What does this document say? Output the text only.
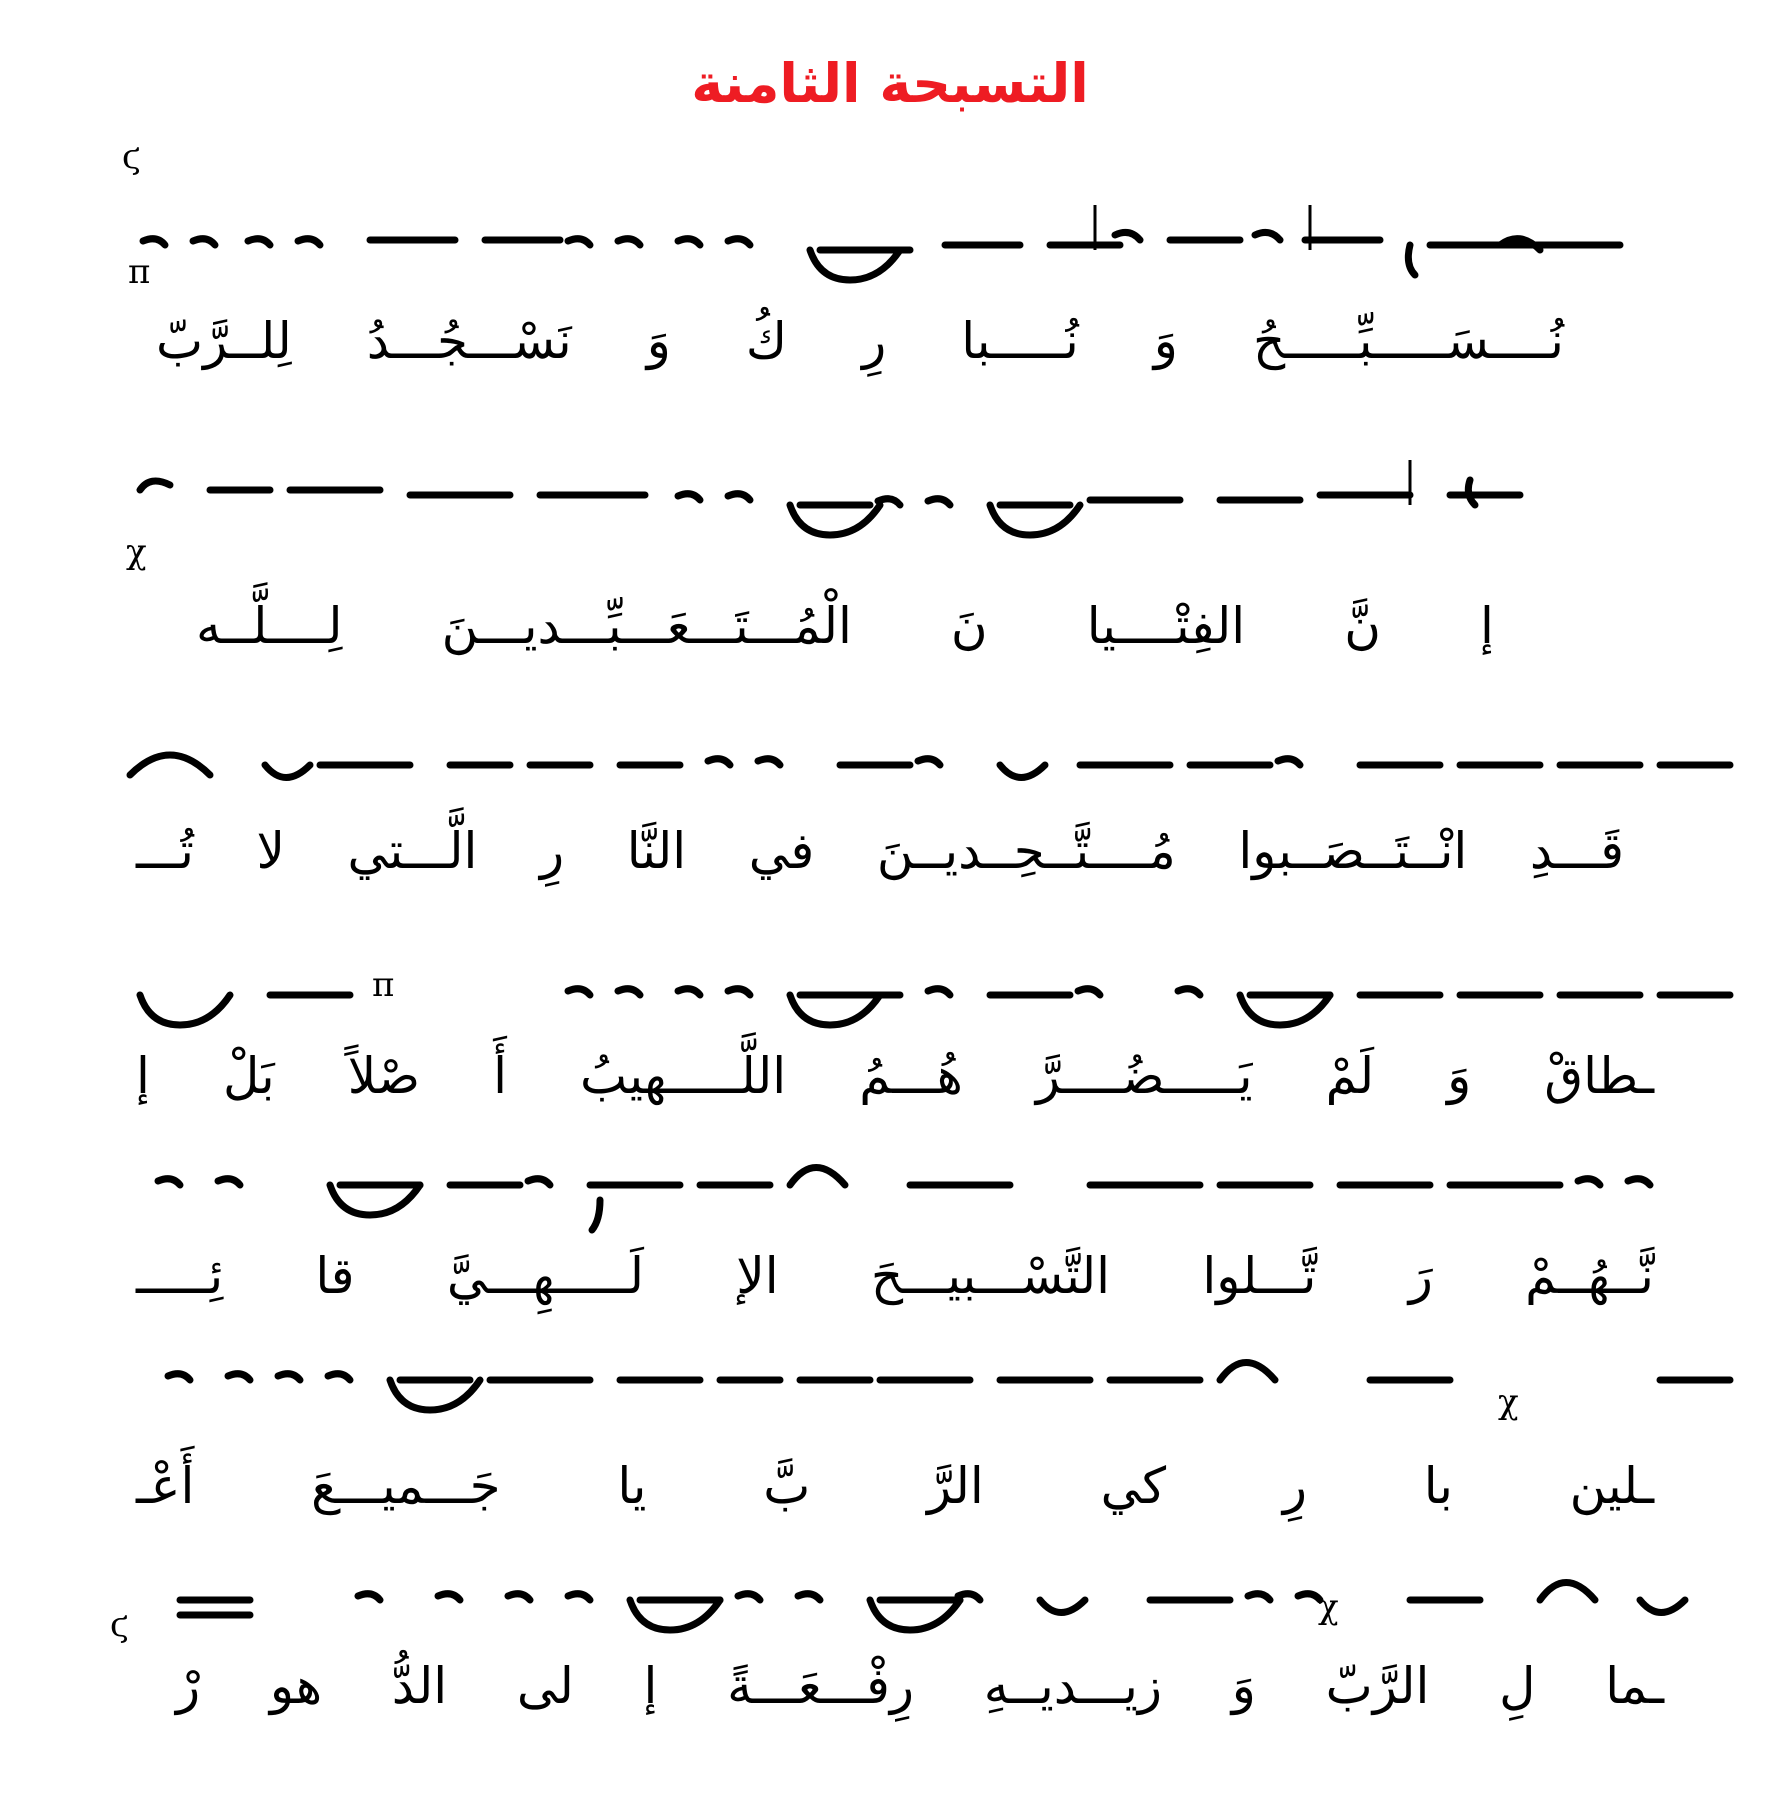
التسبحة الثامنة
ϛ
π
χ
π
χ
χ
ϛ
نُــــسَـــــبِّـــــحُ وَ نُـــــبا رِ كُ وَ نَسْـــجُـــدُ لِلــرَّبّ
إ نَّ الفِتْــــيا نَ الْمُـــتَـــعَـــبِّـــديـــنَ لِــــلَّــه
قَـــدِ انْــتَــصَــبوا مُــــتَّــحِــديــنَ في النَّا رِ الَّـــتي لا تُـــ
ـطاقْ وَ لَمْ يَـــــضُــــرَّ هُـــمُ اللَّـــــهيبُ أَ صْلاً بَلْ إ
نَّــهُــمْ رَ تَّـــلوا التَّسْـــبيـــحَ الإ لَـــــهِـــيَّ قا ئِـــــ
ـلين با رِ كي الرَّ بَّ يا جَـــميـــعَ أَعْـ
ـما لِ الرَّبّ وَ زيـــديــهِ رِفْـــعَـــةً إ لى الدُّ هو رْ
